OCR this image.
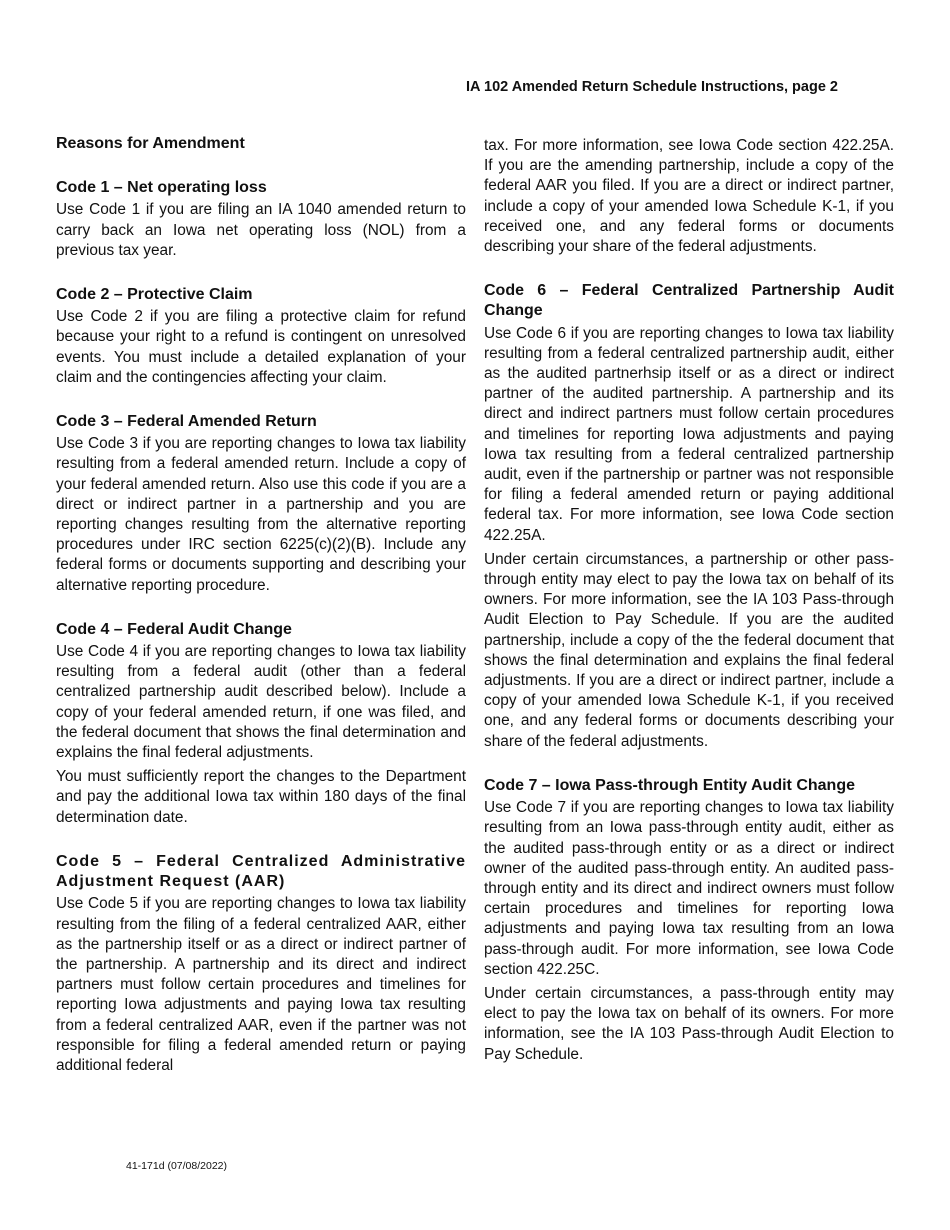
IA 102 Amended Return Schedule Instructions, page 2
Reasons for Amendment
Code 1 – Net operating loss
Use Code 1 if you are filing an IA 1040 amended return to carry back an Iowa net operating loss (NOL) from a previous tax year.
Code 2 – Protective Claim
Use Code 2 if you are filing a protective claim for refund because your right to a refund is contingent on unresolved events. You must include a detailed explanation of your claim and the contingencies affecting your claim.
Code 3 – Federal Amended Return
Use Code 3 if you are reporting changes to Iowa tax liability resulting from a federal amended return. Include a copy of your federal amended return. Also use this code if you are a direct or indirect partner in a partnership and you are reporting changes resulting from the alternative reporting procedures under IRC section 6225(c)(2)(B). Include any federal forms or documents supporting and describing your alternative reporting procedure.
Code 4 – Federal Audit Change
Use Code 4 if you are reporting changes to Iowa tax liability resulting from a federal audit (other than a federal centralized partnership audit described below). Include a copy of your federal amended return, if one was filed, and the federal document that shows the final determination and explains the final federal adjustments.
You must sufficiently report the changes to the Department and pay the additional Iowa tax within 180 days of the final determination date.
Code 5 – Federal Centralized Administrative Adjustment Request (AAR)
Use Code 5 if you are reporting changes to Iowa tax liability resulting from the filing of a federal centralized AAR, either as the partnership itself or as a direct or indirect partner of the partnership. A partnership and its direct and indirect partners must follow certain procedures and timelines for reporting Iowa adjustments and paying Iowa tax resulting from a federal centralized AAR, even if the partner was not responsible for filing a federal amended return or paying additional federal
tax. For more information, see Iowa Code section 422.25A. If you are the amending partnership, include a copy of the federal AAR you filed. If you are a direct or indirect partner, include a copy of your amended Iowa Schedule K-1, if you received one, and any federal forms or documents describing your share of the federal adjustments.
Code 6 – Federal Centralized Partnership Audit Change
Use Code 6 if you are reporting changes to Iowa tax liability resulting from a federal centralized partnership audit, either as the audited partnerhsip itself or as a direct or indirect partner of the audited partnership. A partnership and its direct and indirect partners must follow certain procedures and timelines for reporting Iowa adjustments and paying Iowa tax resulting from a federal centralized partnership audit, even if the partnership or partner was not responsible for filing a federal amended return or paying additional federal tax. For more information, see Iowa Code section 422.25A.
Under certain circumstances, a partnership or other pass-through entity may elect to pay the Iowa tax on behalf of its owners. For more information, see the IA 103 Pass-through Audit Election to Pay Schedule. If you are the audited partnership, include a copy of the the federal document that shows the final determination and explains the final federal adjustments. If you are a direct or indirect partner, include a copy of your amended Iowa Schedule K-1, if you received one, and any federal forms or documents describing your share of the federal adjustments.
Code 7 – Iowa Pass-through Entity Audit Change
Use Code 7 if you are reporting changes to Iowa tax liability resulting from an Iowa pass-through entity audit, either as the audited pass-through entity or as a direct or indirect owner of the audited pass-through entity. An audited pass-through entity and its direct and indirect owners must follow certain procedures and timelines for reporting Iowa adjustments and paying Iowa tax resulting from an Iowa pass-through audit. For more information, see Iowa Code section 422.25C.
Under certain circumstances, a pass-through entity may elect to pay the Iowa tax on behalf of its owners. For more information, see the IA 103 Pass-through Audit Election to Pay Schedule.
41-171d (07/08/2022)
